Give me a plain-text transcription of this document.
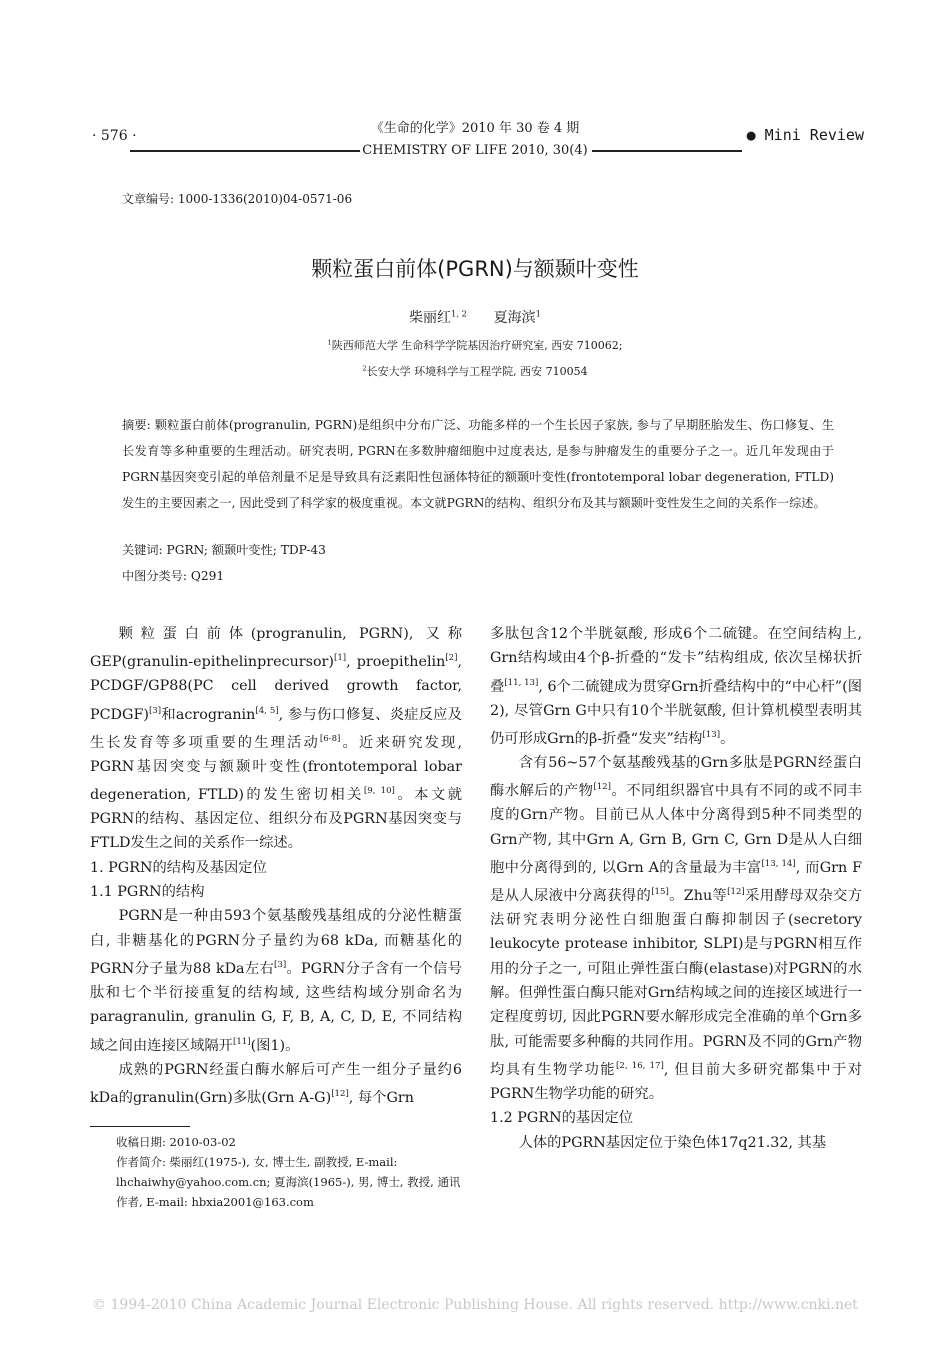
· 576 ·	《生命的化学》2010 年 30 卷 4 期
CHEMISTRY OF LIFE 2010, 30(4)
● Mini Review
文章编号: 1000-1336(2010)04-0571-06
颗粒蛋白前体(PGRN)与额颞叶变性
柴丽红$^{1, 2}$ 夏海滨$^1$
$^1$陕西师范大学 生命科学学院基因治疗研究室, 西安 710062;
$^2$长安大学 环境科学与工程学院, 西安 710054
摘要: 颗粒蛋白前体(progranulin, PGRN)是组织中分布广泛、功能多样的一个生长因子家族, 参与了早期胚胎发生、伤口修复、生长发育等多种重要的生理活动。研究表明, PGRN在多数肿瘤细胞中过度表达, 是参与肿瘤发生的重要分子之一。近几年发现由于PGRN基因突变引起的单倍剂量不足是导致具有泛素阳性包涵体特征的额颞叶变性(frontotemporal lobar degeneration, FTLD)发生的主要因素之一, 因此受到了科学家的极度重视。本文就PGRN的结构、组织分布及其与额颞叶变性发生之间的关系作一综述。
关键词: PGRN; 额颞叶变性; TDP-43
中图分类号: Q291

颗粒蛋白前体(progranulin, PGRN), 又称GEP(granulin-epithelinprecursor)[1], proepithelin[2], PCDGF/GP88(PC cell derived growth factor, PCDGF)[3]和acrogranin[4, 5], 参与伤口修复、炎症反应及生长发育等多项重要的生理活动[6-8]。近来研究发现, PGRN基因突变与额颞叶变性(frontotemporal lobar degeneration, FTLD)的发生密切相关[9, 10]。本文就PGRN的结构、基因定位、组织分布及PGRN基因突变与FTLD发生之间的关系作一综述。

1. PGRN的结构及基因定位

1.1 PGRN的结构

PGRN是一种由593个氨基酸残基组成的分泌性糖蛋白, 非糖基化的PGRN分子量约为68 kDa, 而糖基化的PGRN分子量为88 kDa左右[3]。PGRN分子含有一个信号肽和七个半衍接重复的结构域, 这些结构域分别命名为paragranulin, granulin G, F, B, A, C, D, E, 不同结构域之间由连接区域隔开[11](图1)。

成熟的PGRN经蛋白酶水解后可产生一组分子量约6 kDa的granulin(Grn)多肽(Grn A-G)[12], 每个Grn

多肽包含12个半胱氨酸, 形成6个二硫键。在空间结构上, Grn结构域由4个β-折叠的“发卡”结构组成, 依次呈梯状折叠[11, 13], 6个二硫键成为贯穿Grn折叠结构中的“中心杆”(图2), 尽管Grn G中只有10个半胱氨酸, 但计算机模型表明其仍可形成Grn的β-折叠“发夹”结构[13]。

含有56~57个氨基酸残基的Grn多肽是PGRN经蛋白酶水解后的产物[12]。不同组织器官中具有不同的或不同丰度的Grn产物。目前已从人体中分离得到5种不同类型的Grn产物, 其中Grn A, Grn B, Grn C, Grn D是从人白细胞中分离得到的, 以Grn A的含量最为丰富[13, 14], 而Grn F是从人尿液中分离获得的[15]。Zhu等[12]采用酵母双杂交方法研究表明分泌性白细胞蛋白酶抑制因子(secretory leukocyte protease inhibitor, SLPI)是与PGRN相互作用的分子之一, 可阻止弹性蛋白酶(elastase)对PGRN的水解。但弹性蛋白酶只能对Grn结构域之间的连接区域进行一定程度剪切, 因此PGRN要水解形成完全准确的单个Grn多肽, 可能需要多种酶的共同作用。PGRN及不同的Grn产物均具有生物学功能[2, 16, 17], 但目前大多研究都集中于对PGRN生物学功能的研究。

1.2 PGRN的基因定位

人体的PGRN基因定位于染色体17q21.32, 其基

收稿日期: 2010-03-02
作者简介: 柴丽红(1975-), 女, 博士生, 副教授, E-mail: lhchaiwhy@yahoo.com.cn; 夏海滨(1965-), 男, 博士, 教授, 通讯作者, E-mail: hbxia2001@163.com
© 1994-2010 China Academic Journal Electronic Publishing House. All rights reserved. http://www.cnki.net
